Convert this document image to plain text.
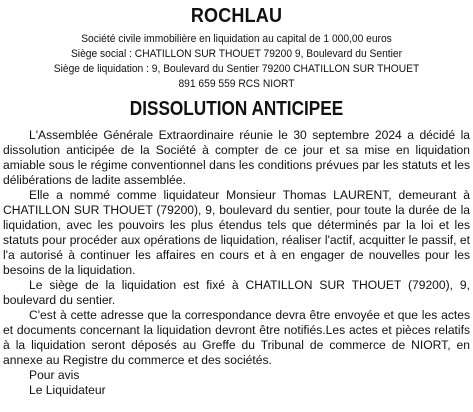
ROCHLAU

Société civile immobilière en liquidation au capital de 1 000,00 euros

Siège social : CHATILLON SUR THOUET 79200 9, Boulevard du Sentier

Siège de liquidation : 9, Boulevard du Sentier 79200 CHATILLON SUR THOUET

891 659 559 RCS NIORT

DISSOLUTION ANTICIPEE

L'Assemblée Générale Extraordinaire réunie le 30 septembre 2024 a décidé la dissolution anticipée de la Société à compter de ce jour et sa mise en liquidation amiable sous le régime conventionnel dans les conditions prévues par les statuts et les délibérations de ladite assemblée.

Elle a nommé comme liquidateur Monsieur Thomas LAURENT, demeurant à CHATILLON SUR THOUET (79200), 9, boulevard du sentier, pour toute la durée de la liquidation, avec les pouvoirs les plus étendus tels que déterminés par la loi et les statuts pour procéder aux opérations de liquidation, réaliser l'actif, acquitter le passif, et l'a autorisé à continuer les affaires en cours et à en engager de nouvelles pour les besoins de la liquidation.

Le siège de la liquidation est fixé à CHATILLON SUR THOUET (79200), 9, boulevard du sentier.

C'est à cette adresse que la correspondance devra être envoyée et que les actes et documents concernant la liquidation devront être notifiés.Les actes et pièces relatifs à la liquidation seront déposés au Greffe du Tribunal de commerce de NIORT, en annexe au Registre du commerce et des sociétés.

Pour avis

Le Liquidateur
